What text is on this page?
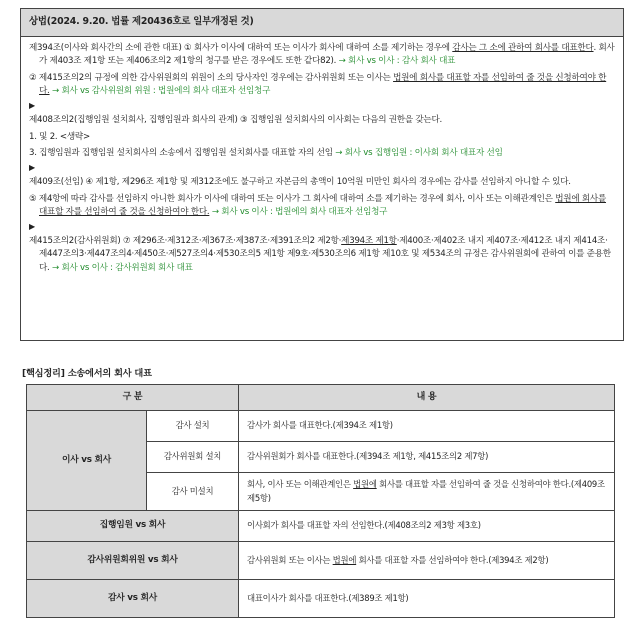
상법(2024. 9.20. 법률 제20436호로 일부개정된 것)

제394조(이사와 회사간의 소에 관한 대표) ① 회사가 이사에 대하여 또는 이사가 회사에 대하여 소를 제기하는 경우에 감사는 그 소에 관하여 회사를 대표한다. 회사가 제403조 제1항 또는 제406조의2 제1항의 청구를 받은 경우에도 또한 같다82). → 회사 vs 이사 : 감사 회사 대표

② 제415조의2의 규정에 의한 감사위원회의 위원이 소의 당사자인 경우에는 감사위원회 또는 이사는 법원에 회사를 대표할 자를 선임하여 줄 것을 신청하여야 한다. → 회사 vs 감사위원회 위원 : 법원에의 회사 대표자 선임청구

▶

제408조의2(집행임원 설치회사, 집행임원과 회사의 관계) ③ 집행임원 설치회사의 이사회는 다음의 권한을 갖는다.

1. 및 2. <생략>

3. 집행임원과 집행임원 설치회사의 소송에서 집행임원 설치회사를 대표할 자의 선임 → 회사 vs 집행임원 : 이사회 회사 대표자 선임

▶

제409조(선임) ④ 제1항, 제296조 제1항 및 제312조에도 불구하고 자본금의 총액이 10억원 미만인 회사의 경우에는 감사를 선임하지 아니할 수 있다.

⑤ 제4항에 따라 감사를 선임하지 아니한 회사가 이사에 대하여 또는 이사가 그 회사에 대하여 소를 제기하는 경우에 회사, 이사 또는 이해관계인은 법원에 회사를 대표할 자를 선임하여 줄 것을 신청하여야 한다. → 회사 vs 이사 : 법원에의 회사 대표자 선임청구

▶

제415조의2(감사위원회) ⑦ 제296조·제312조·제367조·제387조·제391조의2 제2항·제394조 제1항·제400조·제402조 내지 제407조·제412조 내지 제414조·제447조의3·제447조의4·제450조·제527조의4·제530조의5 제1항 제9호·제530조의6 제1항 제10호 및 제534조의 규정은 감사위원회에 관하여 이를 준용한다. → 회사 vs 이사 : 감사위원회 회사 대표

[핵심정리] 소송에서의 회사 대표
구 분		내 용
이사 vs 회사	감사 설치	감사가 회사를 대표한다.(제394조 제1항)
	감사위원회 설치	감사위원회가 회사를 대표한다.(제394조 제1항, 제415조의2 제7항)
	감사 미설치	회사, 이사 또는 이해관계인은 법원에 회사를 대표할 자를 선임하여 줄 것을 신청하여야 한다.(제409조 제5항)
집행임원 vs 회사		이사회가 회사를 대표할 자의 선임한다.(제408조의2 제3항 제3호)
감사위원회위원 vs 회사		감사위원회 또는 이사는 법원에 회사를 대표할 자를 선임하여야 한다.(제394조 제2항)
감사 vs 회사		대표이사가 회사를 대표한다.(제389조 제1항)
